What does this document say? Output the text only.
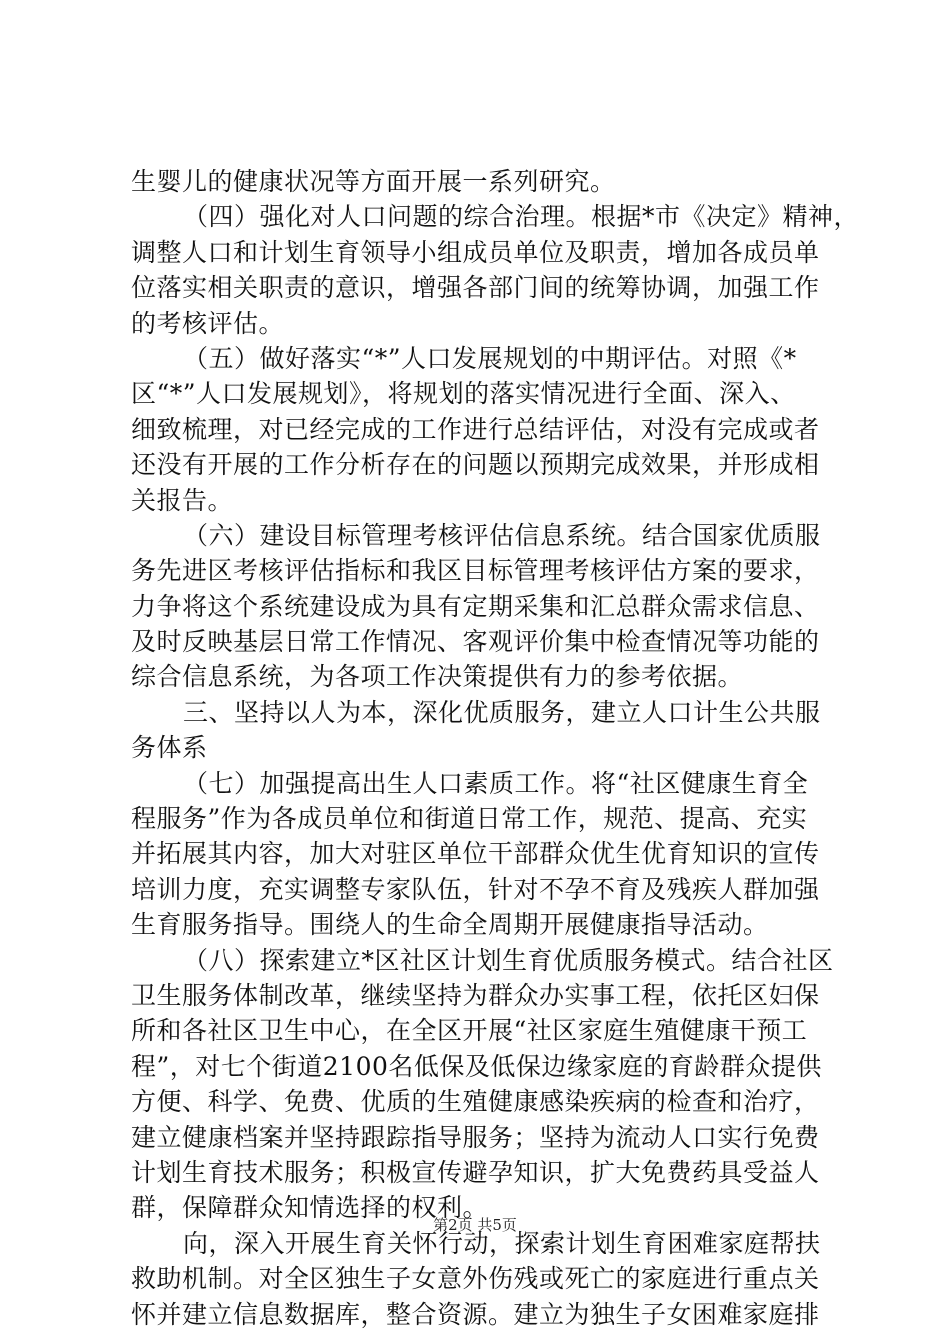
生婴儿的健康状况等方面开展一系列研究。
（四）强化对人口问题的综合治理。根据*市《决定》精神，
调整人口和计划生育领导小组成员单位及职责，增加各成员单
位落实相关职责的意识，增强各部门间的统筹协调，加强工作
的考核评估。
（五）做好落实“*”人口发展规划的中期评估。对照《*
区“*”人口发展规划》，将规划的落实情况进行全面、深入、
细致梳理，对已经完成的工作进行总结评估，对没有完成或者
还没有开展的工作分析存在的问题以预期完成效果，并形成相
关报告。
（六）建设目标管理考核评估信息系统。结合国家优质服
务先进区考核评估指标和我区目标管理考核评估方案的要求，
力争将这个系统建设成为具有定期采集和汇总群众需求信息、
及时反映基层日常工作情况、客观评价集中检查情况等功能的
综合信息系统，为各项工作决策提供有力的参考依据。
三、坚持以人为本，深化优质服务，建立人口计生公共服
务体系
（七）加强提高出生人口素质工作。将“社区健康生育全
程服务”作为各成员单位和街道日常工作，规范、提高、充实
并拓展其内容，加大对驻区单位干部群众优生优育知识的宣传
培训力度，充实调整专家队伍，针对不孕不育及残疾人群加强
生育服务指导。围绕人的生命全周期开展健康指导活动。
（八）探索建立*区社区计划生育优质服务模式。结合社区
卫生服务体制改革，继续坚持为群众办实事工程，依托区妇保
所和各社区卫生中心，在全区开展“社区家庭生殖健康干预工
程”，对七个街道2100名低保及低保边缘家庭的育龄群众提供
方便、科学、免费、优质的生殖健康感染疾病的检查和治疗，
建立健康档案并坚持跟踪指导服务；坚持为流动人口实行免费
计划生育技术服务；积极宣传避孕知识，扩大免费药具受益人
群，保障群众知情选择的权利。
向，深入开展生育关怀行动，探索计划生育困难家庭帮扶
救助机制。对全区独生子女意外伤残或死亡的家庭进行重点关
怀并建立信息数据库，整合资源。建立为独生子女困难家庭排
第2页 共5页
